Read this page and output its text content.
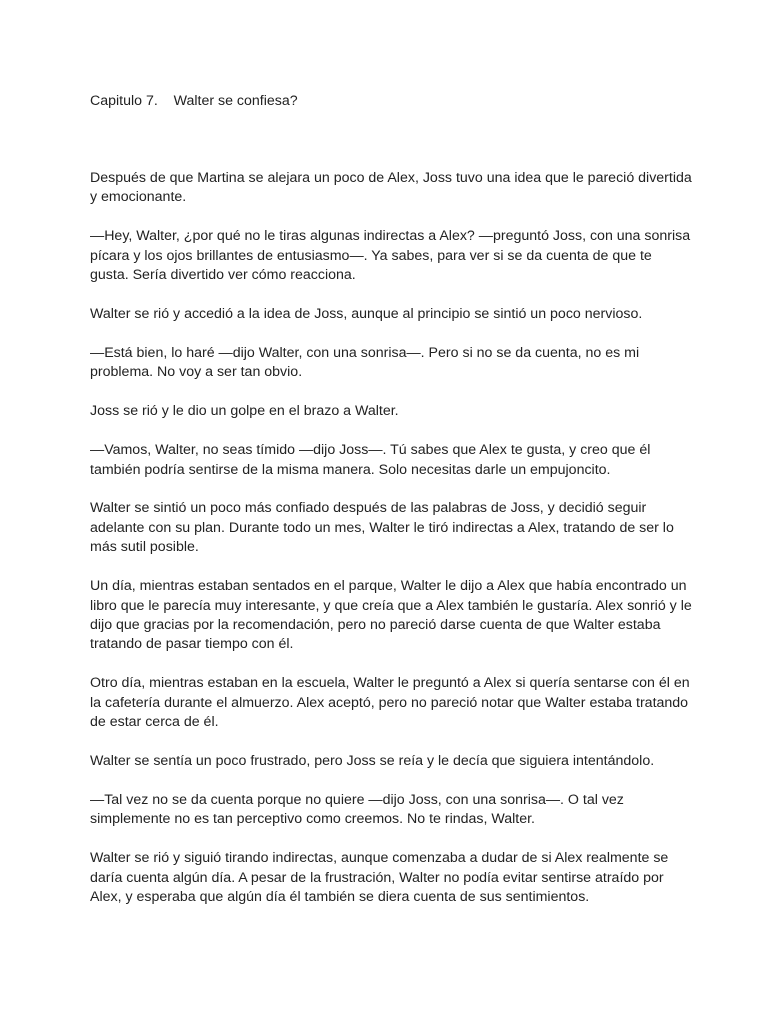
Capitulo 7.    Walter se confiesa?

Después de que Martina se alejara un poco de Alex, Joss tuvo una idea que le pareció divertida
y emocionante.

—Hey, Walter, ¿por qué no le tiras algunas indirectas a Alex? —preguntó Joss, con una sonrisa
pícara y los ojos brillantes de entusiasmo—. Ya sabes, para ver si se da cuenta de que te
gusta. Sería divertido ver cómo reacciona.

Walter se rió y accedió a la idea de Joss, aunque al principio se sintió un poco nervioso.

—Está bien, lo haré —dijo Walter, con una sonrisa—. Pero si no se da cuenta, no es mi
problema. No voy a ser tan obvio.

Joss se rió y le dio un golpe en el brazo a Walter.

—Vamos, Walter, no seas tímido —dijo Joss—. Tú sabes que Alex te gusta, y creo que él
también podría sentirse de la misma manera. Solo necesitas darle un empujoncito.

Walter se sintió un poco más confiado después de las palabras de Joss, y decidió seguir
adelante con su plan. Durante todo un mes, Walter le tiró indirectas a Alex, tratando de ser lo
más sutil posible.

Un día, mientras estaban sentados en el parque, Walter le dijo a Alex que había encontrado un
libro que le parecía muy interesante, y que creía que a Alex también le gustaría. Alex sonrió y le
dijo que gracias por la recomendación, pero no pareció darse cuenta de que Walter estaba
tratando de pasar tiempo con él.

Otro día, mientras estaban en la escuela, Walter le preguntó a Alex si quería sentarse con él en
la cafetería durante el almuerzo. Alex aceptó, pero no pareció notar que Walter estaba tratando
de estar cerca de él.

Walter se sentía un poco frustrado, pero Joss se reía y le decía que siguiera intentándolo.

—Tal vez no se da cuenta porque no quiere —dijo Joss, con una sonrisa—. O tal vez
simplemente no es tan perceptivo como creemos. No te rindas, Walter.

Walter se rió y siguió tirando indirectas, aunque comenzaba a dudar de si Alex realmente se
daría cuenta algún día. A pesar de la frustración, Walter no podía evitar sentirse atraído por
Alex, y esperaba que algún día él también se diera cuenta de sus sentimientos.
